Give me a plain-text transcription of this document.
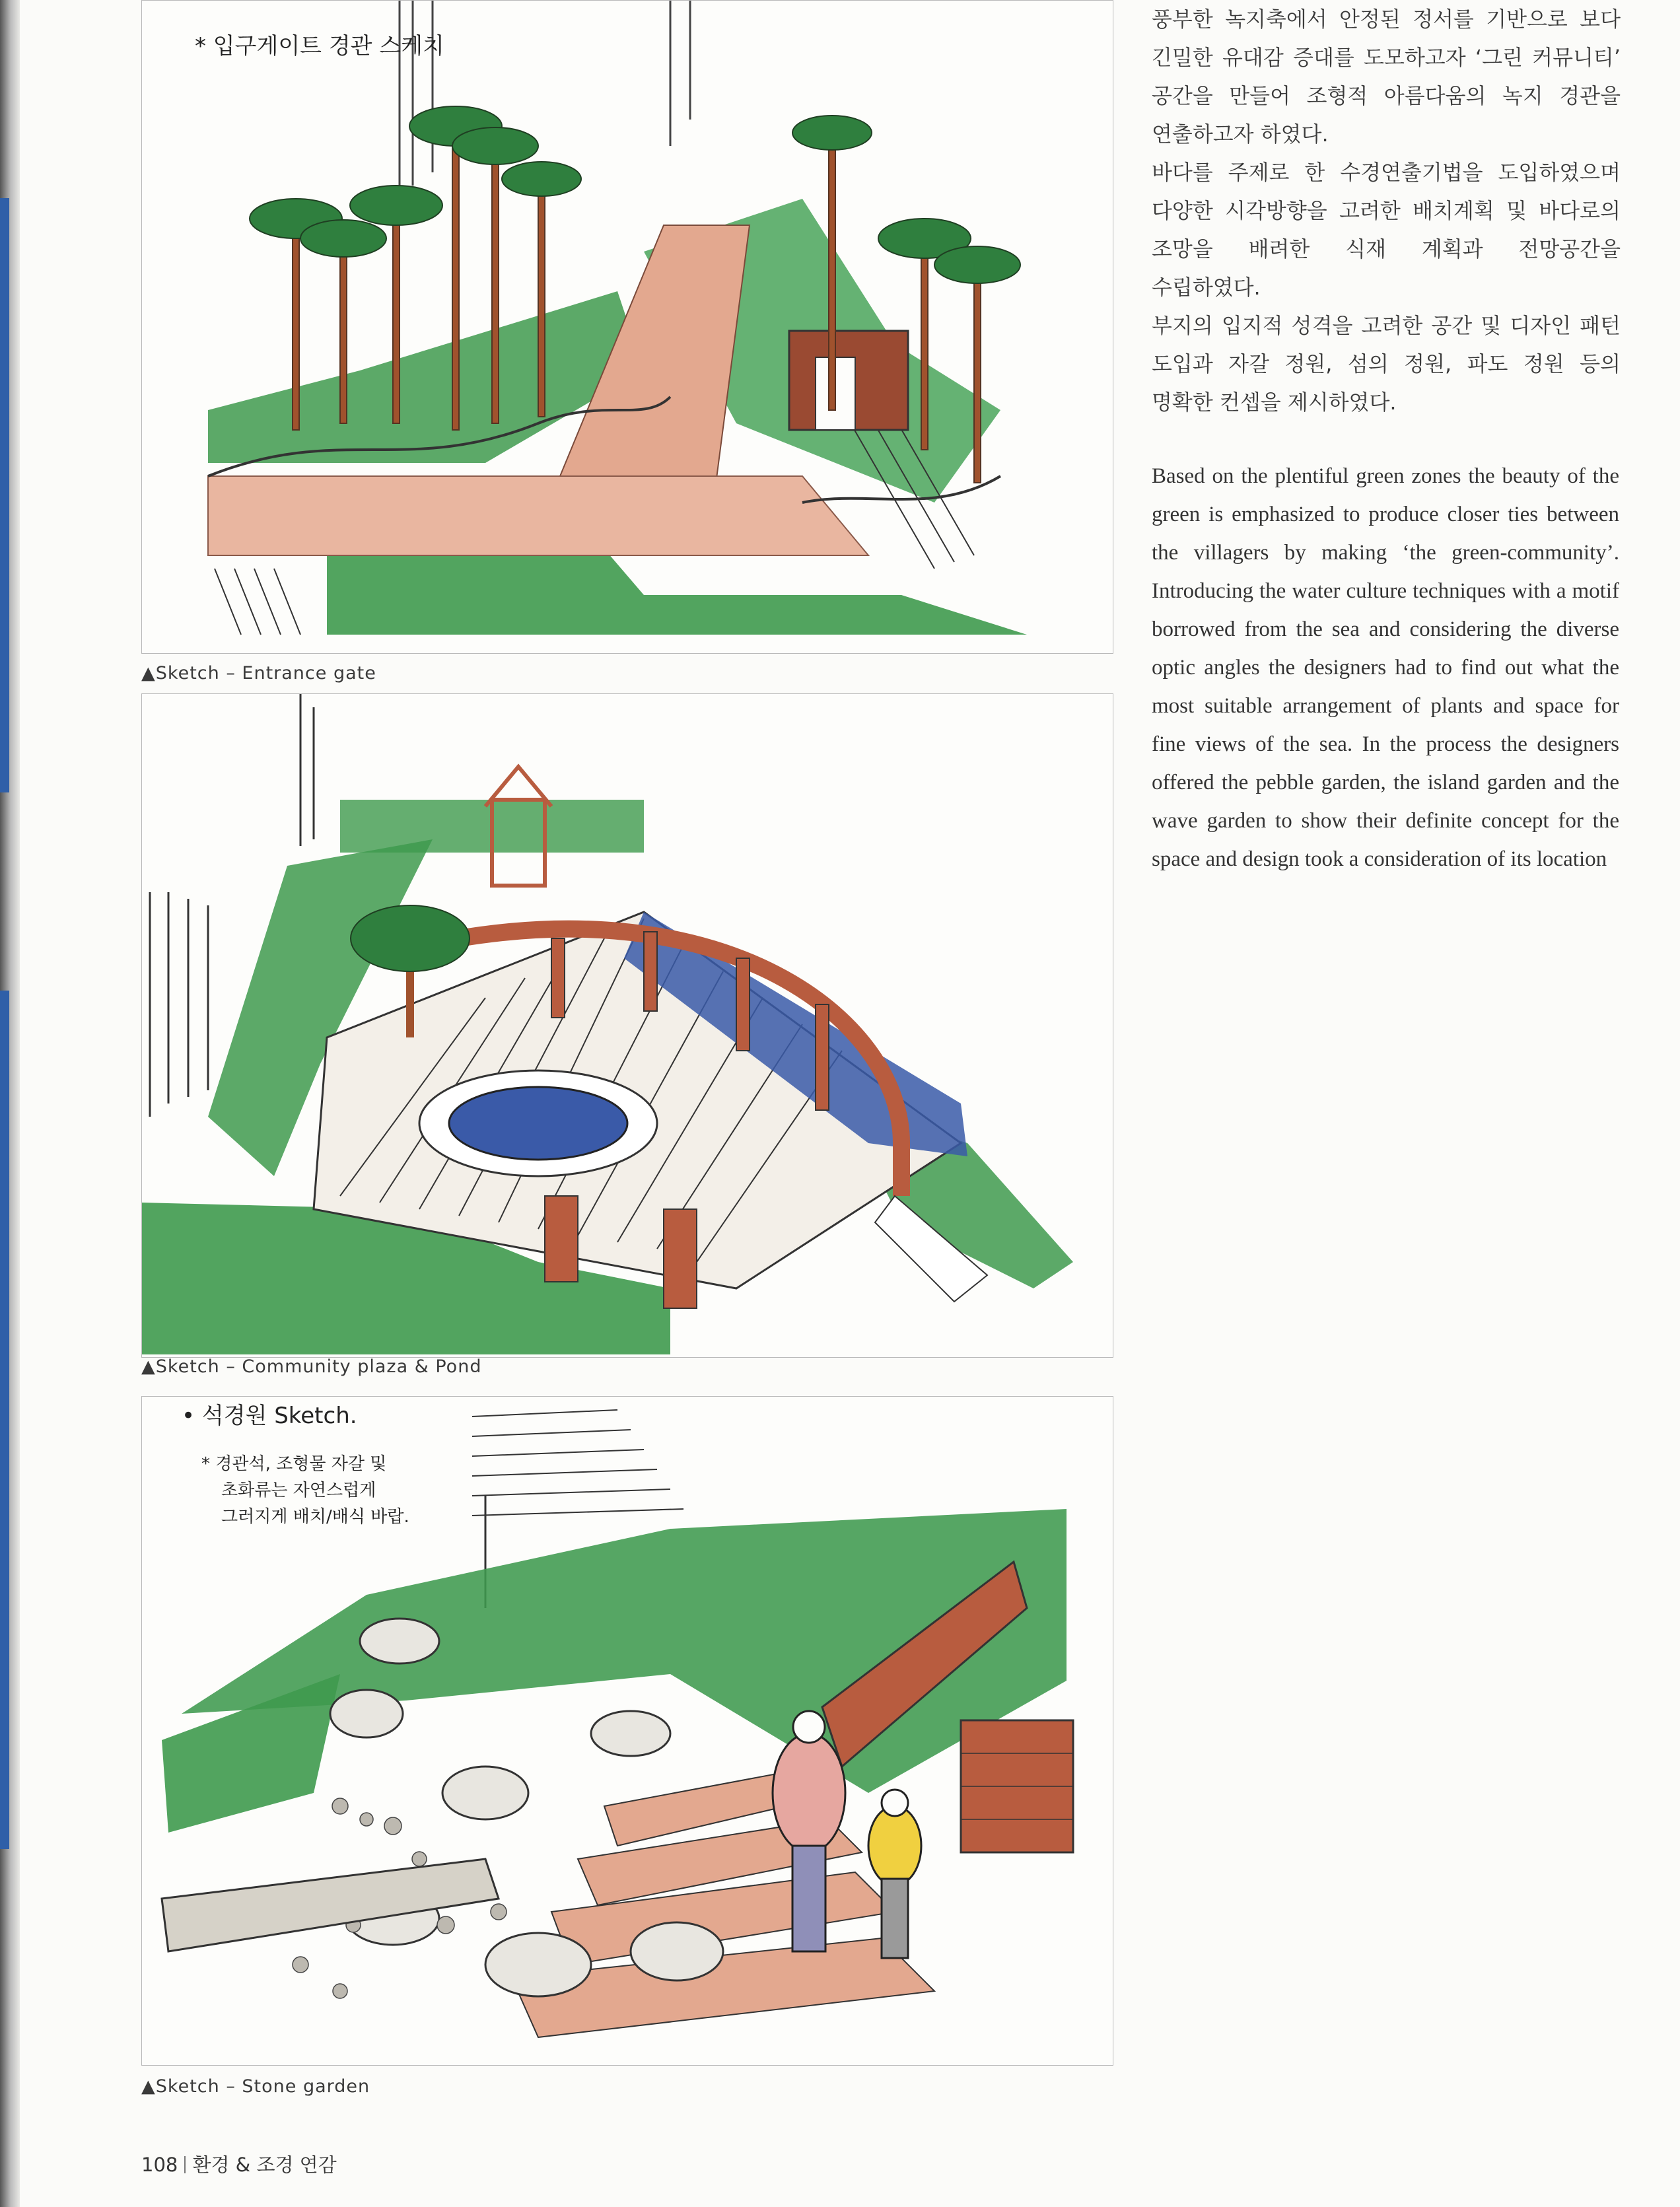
* 입구게이트 경관 스케치
▲Sketch – Entrance gate
▲Sketch – Community plaza & Pond
• 석경원 Sketch.
* 경관석, 조형물 자갈 및
초화류는 자연스럽게
그러지게 배치/배식 바랍.
▲Sketch – Stone garden

풍부한 녹지축에서 안정된 정서를 기반으로 보다 긴밀한 유대감 증대를 도모하고자 ‘그린 커뮤니티’ 공간을 만들어 조형적 아름다움의 녹지 경관을 연출하고자 하였다.

바다를 주제로 한 수경연출기법을 도입하였으며 다양한 시각방향을 고려한 배치계획 및 바다로의 조망을 배려한 식재 계획과 전망공간을 수립하였다.

부지의 입지적 성격을 고려한 공간 및 디자인 패턴 도입과 자갈 정원, 섬의 정원, 파도 정원 등의 명확한 컨셉을 제시하였다.

Based on the plentiful green zones the beauty of the green is emphasized to produce closer ties between the villagers by making ‘the green-community’. Introducing the water culture techniques with a motif borrowed from the sea and considering the diverse optic angles the designers had to find out what the most suitable arrangement of plants and space for fine views of the sea. In the process the designers offered the pebble garden, the island garden and the wave garden to show their definite concept for the space and design took a consideration of its location

108 환경 & 조경 연감
